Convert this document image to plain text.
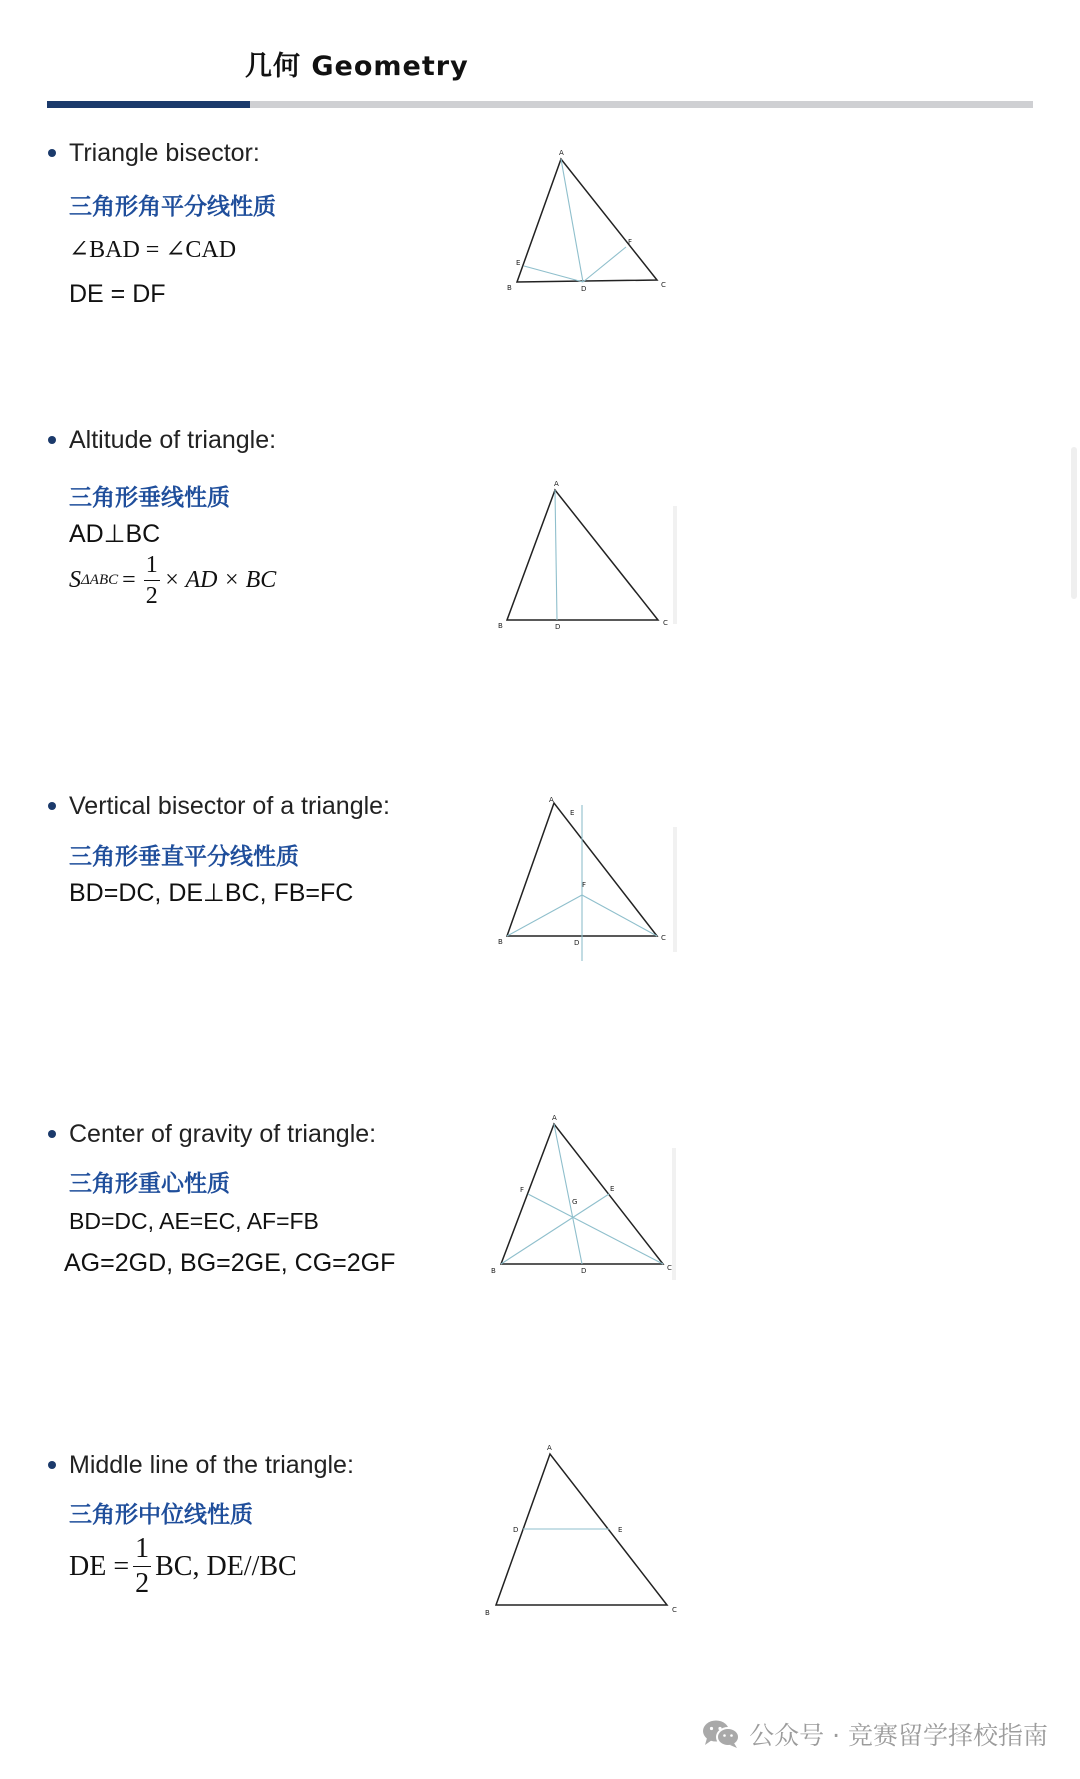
几何 Geometry
Triangle bisector:
三角形角平分线性质
∠BAD = ∠CAD
DE = DF
A
B	C
D
E
F
Altitude of triangle:
三角形垂线性质
AD⊥BC
S $\Delta ABC = \frac{1}{2}$ × AD × BC
A
B	C
D
Vertical bisector of a triangle:
三角形垂直平分线性质
BD=DC, DE⊥BC, FB=FC
A
B	C
D
E
F
Center of gravity of triangle:
三角形重心性质
BD=DC, AE=EC, AF=FB
AG=2GD, BG=2GE, CG=2GF
A
B	C
D
E
F
G
Middle line of the triangle:
三角形中位线性质
DE = $\frac{1}{2}$ BC, DE//BC
A
B	C
D	E
公众号 · 竞赛留学择校指南
